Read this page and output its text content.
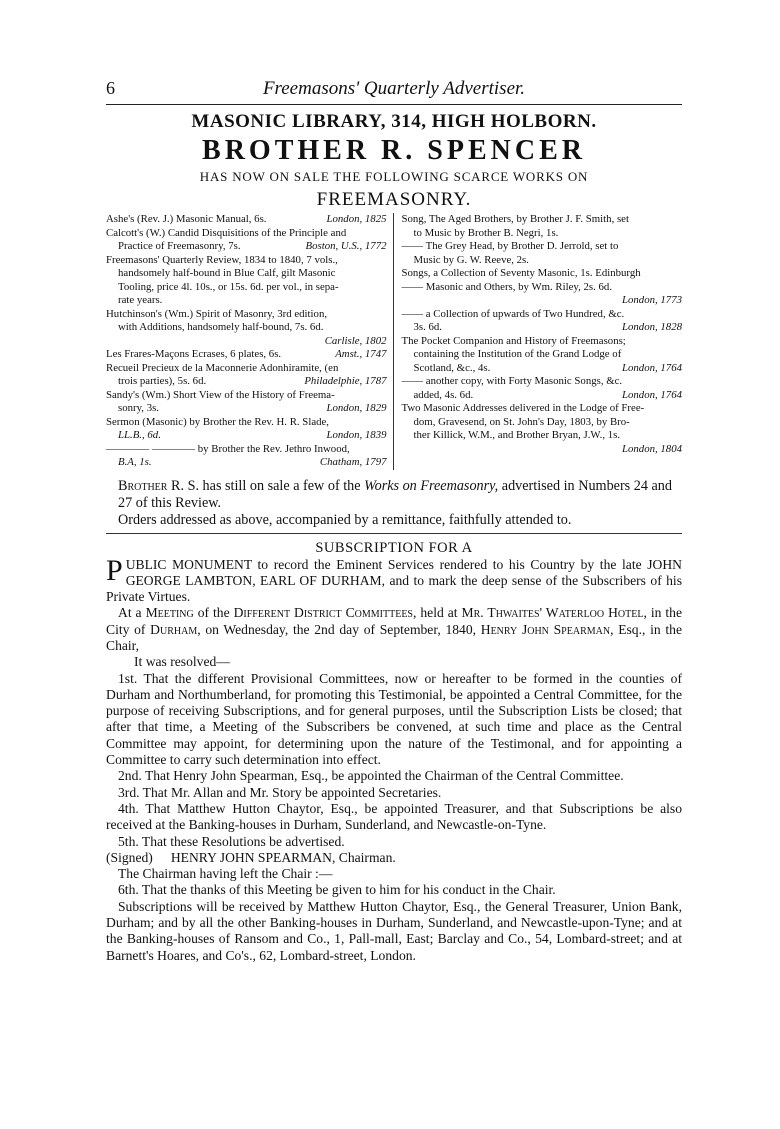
6	Freemasons' Quarterly Advertiser.
MASONIC LIBRARY, 314, HIGH HOLBORN.
BROTHER R. SPENCER
HAS NOW ON SALE THE FOLLOWING SCARCE WORKS ON
FREEMASONRY.
Ashe's (Rev. J.) Masonic Manual, 6s.	London, 1825
Calcott's (W.) Candid Disquisitions of the Principle and
Practice of Freemasonry, 7s.	Boston, U.S., 1772
Freemasons' Quarterly Review, 1834 to 1840, 7 vols.,
handsomely half-bound in Blue Calf, gilt Masonic
Tooling, price 4l. 10s., or 15s. 6d. per vol., in sepa-
rate years.
Hutchinson's (Wm.) Spirit of Masonry, 3rd edition,
with Additions, handsomely half-bound, 7s. 6d.
Carlisle, 1802
Les Frares-Maçons Ecrases, 6 plates, 6s.	Amst., 1747
Recueil Precieux de la Maconnerie Adonhiramite, (en
trois parties), 5s. 6d.	Philadelphie, 1787
Sandy's (Wm.) Short View of the History of Freema-
sonry, 3s.	London, 1829
Sermon (Masonic) by Brother the Rev. H. R. Slade,
LL.B., 6d.	London, 1839
———— ———— by Brother the Rev. Jethro Inwood,
B.A, 1s.	Chatham, 1797
Song, The Aged Brothers, by Brother J. F. Smith, set
to Music by Brother B. Negri, 1s.
—— The Grey Head, by Brother D. Jerrold, set to
Music by G. W. Reeve, 2s.
Songs, a Collection of Seventy Masonic, 1s. Edinburgh
—— Masonic and Others, by Wm. Riley, 2s. 6d.
London, 1773
—— a Collection of upwards of Two Hundred, &c.
3s. 6d.	London, 1828
The Pocket Companion and History of Freemasons;
containing the Institution of the Grand Lodge of
Scotland, &c., 4s.	London, 1764
—— another copy, with Forty Masonic Songs, &c.
added, 4s. 6d.	London, 1764
Two Masonic Addresses delivered in the Lodge of Free-
dom, Gravesend, on St. John's Day, 1803, by Bro-
ther Killick, W.M., and Brother Bryan, J.W., 1s.
London, 1804

Brother R. S. has still on sale a few of the Works on Freemasonry, advertised in Numbers 24 and 27 of this Review.

Orders addressed as above, accompanied by a remittance, faithfully attended to.

SUBSCRIPTION FOR A

PUBLIC MONUMENT to record the Eminent Services rendered to his Country by the late JOHN GEORGE LAMBTON, EARL OF DURHAM, and to mark the deep sense of the Subscribers of his Private Virtues.

At a Meeting of the Different District Committees, held at Mr. Thwaites' Waterloo Hotel, in the City of Durham, on Wednesday, the 2nd day of September, 1840, Henry John Spearman, Esq., in the Chair,

It was resolved—

1st. That the different Provisional Committees, now or hereafter to be formed in the counties of Durham and Northumberland, for promoting this Testimonial, be appointed a Central Committee, for the purpose of receiving Subscriptions, and for general purposes, until the Subscription Lists be closed; that after that time, a Meeting of the Subscribers be convened, at such time and place as the Central Committee may appoint, for determining upon the nature of the Testimonal, and for appointing a Committee to carry such determination into effect.

2nd. That Henry John Spearman, Esq., be appointed the Chairman of the Central Committee.

3rd. That Mr. Allan and Mr. Story be appointed Secretaries.

4th. That Matthew Hutton Chaytor, Esq., be appointed Treasurer, and that Subscriptions be also received at the Banking-houses in Durham, Sunderland, and Newcastle-on-Tyne.

5th. That these Resolutions be advertised.

(Signed) HENRY JOHN SPEARMAN, Chairman.

The Chairman having left the Chair :—

6th. That the thanks of this Meeting be given to him for his conduct in the Chair.

Subscriptions will be received by Matthew Hutton Chaytor, Esq., the General Treasurer, Union Bank, Durham; and by all the other Banking-houses in Durham, Sunderland, and Newcastle-upon-Tyne; and at the Banking-houses of Ransom and Co., 1, Pall-mall, East; Barclay and Co., 54, Lombard-street; and at Barnett's Hoares, and Co's., 62, Lombard-street, London.
